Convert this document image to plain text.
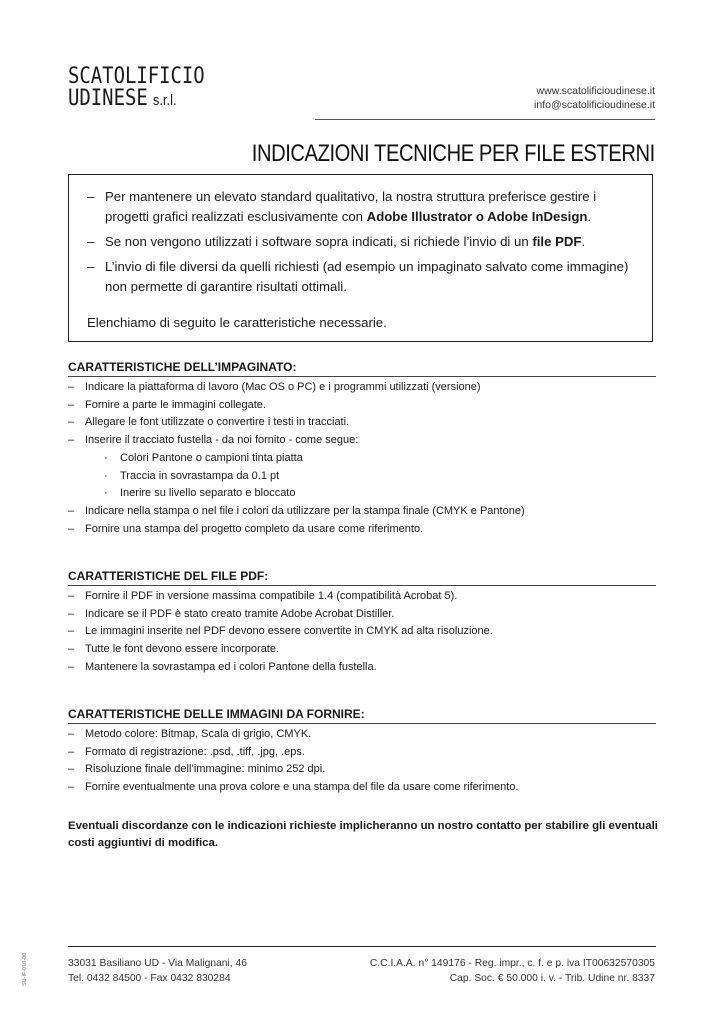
SCATOLIFICIO
UDINESE s.r.l.
www.scatolificioudinese.it
info@scatolificioudinese.it
INDICAZIONI TECNICHE PER FILE ESTERNI
– Per mantenere un elevato standard qualitativo, la nostra struttura preferisce gestire i progetti grafici realizzati esclusivamente con Adobe Illustrator o Adobe InDesign.
– Se non vengono utilizzati i software sopra indicati, si richiede l’invio di un file PDF.
– L’invio di file diversi da quelli richiesti (ad esempio un impaginato salvato come immagine) non permette di garantire risultati ottimali.
Elenchiamo di seguito le caratteristiche necessarie.
CARATTERISTICHE DELL’IMPAGINATO:
– Indicare la piattaforma di lavoro (Mac OS o PC) e i programmi utilizzati (versione)
– Fornire a parte le immagini collegate.
– Allegare le font utilizzate o convertire i testi in tracciati.
– Inserire il tracciato fustella - da noi fornito - come segue:
· Colori Pantone o campioni tinta piatta
· Traccia in sovrastampa da 0.1 pt
· Inerire su livello separato e bloccato
– Indicare nella stampa o nel file i colori da utilizzare per la stampa finale (CMYK e Pantone)
– Fornire una stampa del progetto completo da usare come riferimento.
CARATTERISTICHE DEL FILE PDF:
– Fornire il PDF in versione massima compatibile 1.4 (compatibilità Acrobat 5).
– Indicare se il PDF è stato creato tramite Adobe Acrobat Distiller.
– Le immagini inserite nel PDF devono essere convertite in CMYK ad alta risoluzione.
– Tutte le font devono essere incorporate.
– Mantenere la sovrastampa ed i colori Pantone della fustella.
CARATTERISTICHE DELLE IMMAGINI DA FORNIRE:
– Metodo colore: Bitmap, Scala di grigio, CMYK.
– Formato di registrazione: .psd, .tiff, .jpg, .eps.
– Risoluzione finale dell’immagine: minimo 252 dpi.
– Fornire eventualmente una prova colore e una stampa del file da usare come riferimento.
Eventuali discordanze con le indicazioni richieste implicheranno un nostro contatto per stabilire gli eventuali costi aggiuntivi di modifica.
33031 Basiliano UD - Via Malignani, 46
Tel. 0432 84500 - Fax 0432 830284
C.C.I.A.A. n° 149176 - Reg. impr., c. f. e p. iva IT00632570305
Cap. Soc. € 50.000 i. v. - Trib. Udine nr. 8337
SU-IF-010-00
